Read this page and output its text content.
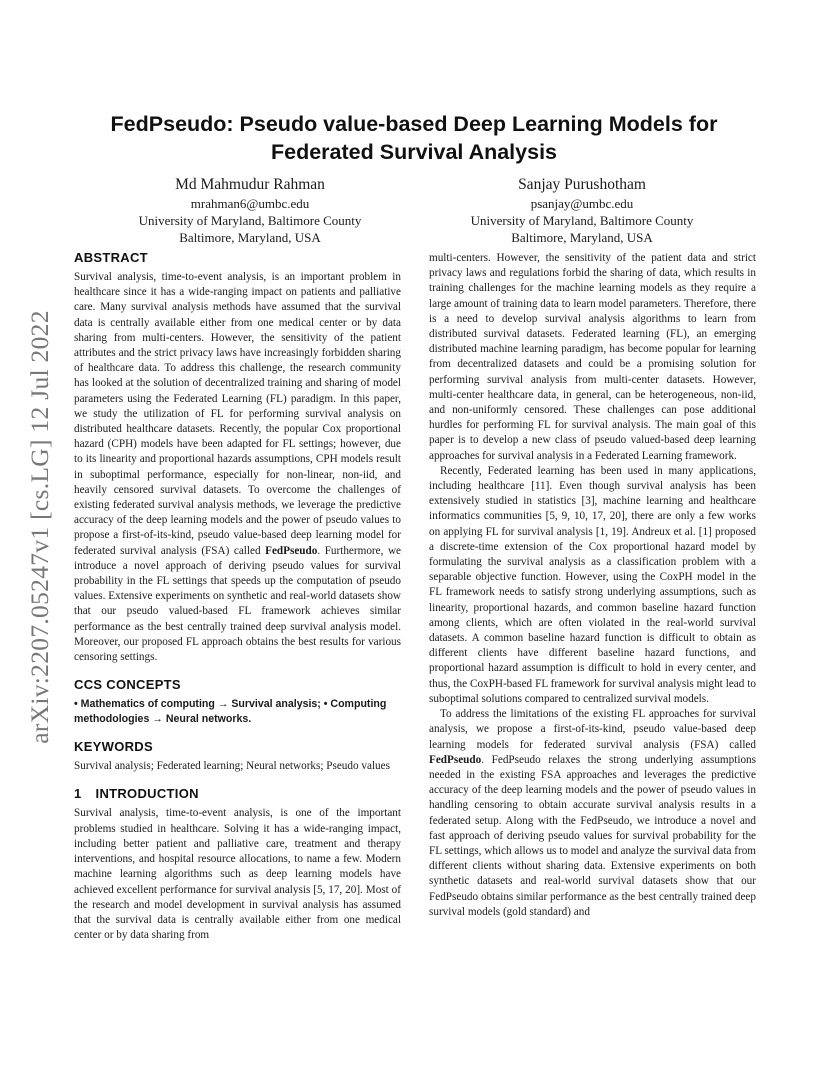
arXiv:2207.05247v1 [cs.LG] 12 Jul 2022
FedPseudo: Pseudo value-based Deep Learning Models for
Federated Survival Analysis
Md Mahmudur Rahman
mrahman6@umbc.edu
University of Maryland, Baltimore County
Baltimore, Maryland, USA
Sanjay Purushotham
psanjay@umbc.edu
University of Maryland, Baltimore County
Baltimore, Maryland, USA
ABSTRACT

Survival analysis, time-to-event analysis, is an important problem in healthcare since it has a wide-ranging impact on patients and palliative care. Many survival analysis methods have assumed that the survival data is centrally available either from one medical center or by data sharing from multi-centers. However, the sensitivity of the patient attributes and the strict privacy laws have increasingly forbidden sharing of healthcare data. To address this challenge, the research community has looked at the solution of decentralized training and sharing of model parameters using the Federated Learning (FL) paradigm. In this paper, we study the utilization of FL for performing survival analysis on distributed healthcare datasets. Recently, the popular Cox proportional hazard (CPH) models have been adapted for FL settings; however, due to its linearity and proportional hazards assumptions, CPH models result in suboptimal performance, especially for non-linear, non-iid, and heavily censored survival datasets. To overcome the challenges of existing federated survival analysis methods, we leverage the predictive accuracy of the deep learning models and the power of pseudo values to propose a first-of-its-kind, pseudo value-based deep learning model for federated survival analysis (FSA) called FedPseudo. Furthermore, we introduce a novel approach of deriving pseudo values for survival probability in the FL settings that speeds up the computation of pseudo values. Extensive experiments on synthetic and real-world datasets show that our pseudo valued-based FL framework achieves similar performance as the best centrally trained deep survival analysis model. Moreover, our proposed FL approach obtains the best results for various censoring settings.

CCS CONCEPTS

• Mathematics of computing → Survival analysis; • Computing methodologies → Neural networks.

KEYWORDS

Survival analysis; Federated learning; Neural networks; Pseudo values

1 INTRODUCTION

Survival analysis, time-to-event analysis, is one of the important problems studied in healthcare. Solving it has a wide-ranging impact, including better patient and palliative care, treatment and therapy interventions, and hospital resource allocations, to name a few. Modern machine learning algorithms such as deep learning models have achieved excellent performance for survival analysis [5, 17, 20]. Most of the research and model development in survival analysis has assumed that the survival data is centrally available either from one medical center or by data sharing from

multi-centers. However, the sensitivity of the patient data and strict privacy laws and regulations forbid the sharing of data, which results in training challenges for the machine learning models as they require a large amount of training data to learn model parameters. Therefore, there is a need to develop survival analysis algorithms to learn from distributed survival datasets. Federated learning (FL), an emerging distributed machine learning paradigm, has become popular for learning from decentralized datasets and could be a promising solution for performing survival analysis from multi-center datasets. However, multi-center healthcare data, in general, can be heterogeneous, non-iid, and non-uniformly censored. These challenges can pose additional hurdles for performing FL for survival analysis. The main goal of this paper is to develop a new class of pseudo valued-based deep learning approaches for survival analysis in a Federated Learning framework.

Recently, Federated learning has been used in many applications, including healthcare [11]. Even though survival analysis has been extensively studied in statistics [3], machine learning and healthcare informatics communities [5, 9, 10, 17, 20], there are only a few works on applying FL for survival analysis [1, 19]. Andreux et al. [1] proposed a discrete-time extension of the Cox proportional hazard model by formulating the survival analysis as a classification problem with a separable objective function. However, using the CoxPH model in the FL framework needs to satisfy strong underlying assumptions, such as linearity, proportional hazards, and common baseline hazard function among clients, which are often violated in the real-world survival datasets. A common baseline hazard function is difficult to obtain as different clients have different baseline hazard functions, and proportional hazard assumption is difficult to hold in every center, and thus, the CoxPH-based FL framework for survival analysis might lead to suboptimal solutions compared to centralized survival models.

To address the limitations of the existing FL approaches for survival analysis, we propose a first-of-its-kind, pseudo value-based deep learning models for federated survival analysis (FSA) called FedPseudo. FedPseudo relaxes the strong underlying assumptions needed in the existing FSA approaches and leverages the predictive accuracy of the deep learning models and the power of pseudo values in handling censoring to obtain accurate survival analysis results in a federated setup. Along with the FedPseudo, we introduce a novel and fast approach of deriving pseudo values for survival probability for the FL settings, which allows us to model and analyze the survival data from different clients without sharing data. Extensive experiments on both synthetic datasets and real-world survival datasets show that our FedPseudo obtains similar performance as the best centrally trained deep survival models (gold standard) and
